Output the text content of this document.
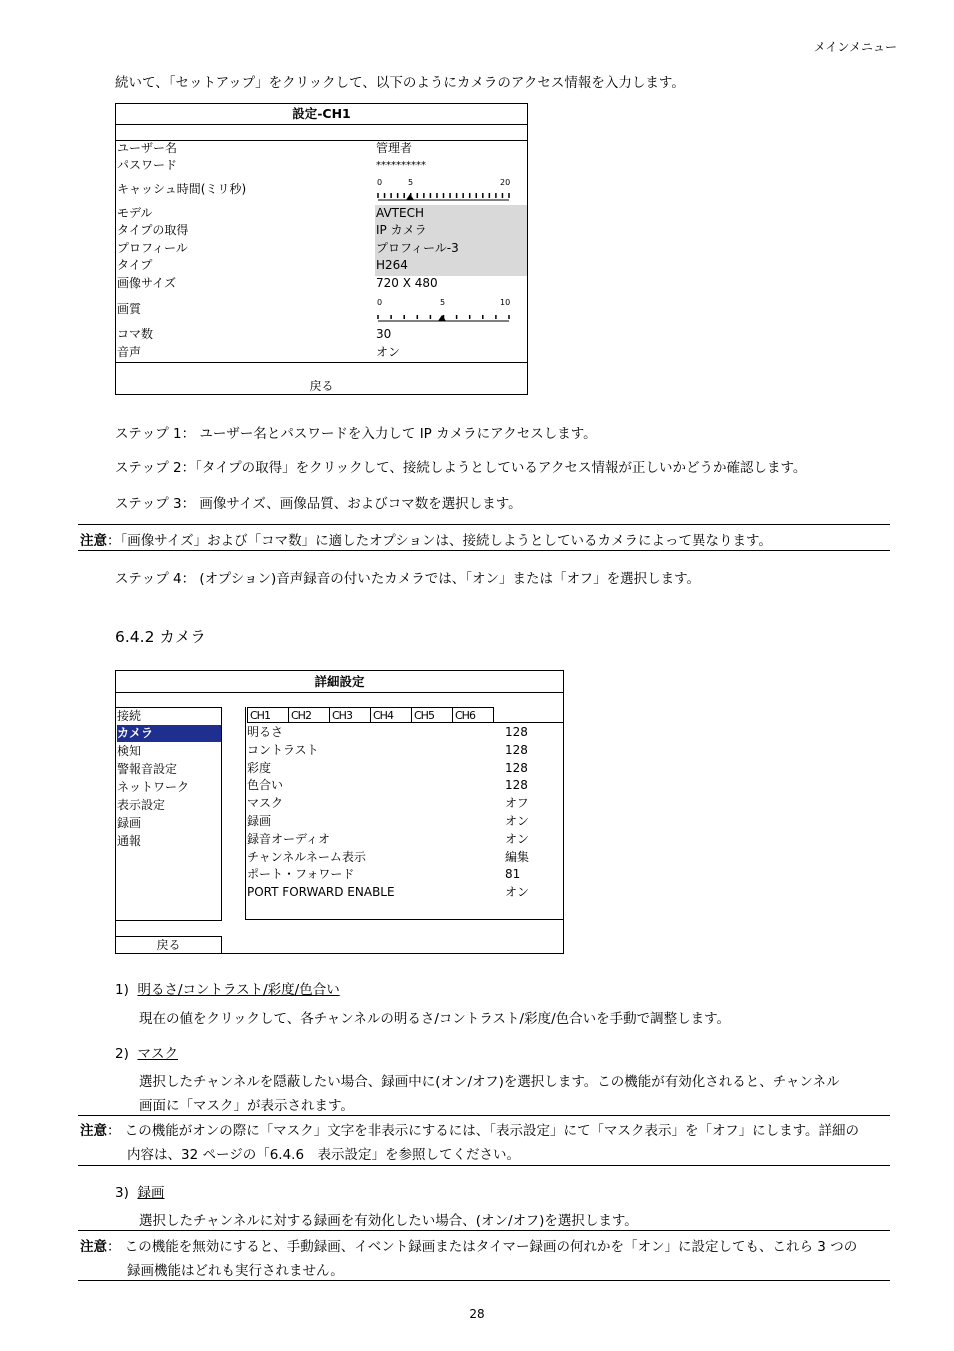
メインメニュー
続いて、「セットアップ」をクリックして、以下のようにカメラのアクセス情報を入力します。
設定-CH1
ユーザー名	管理者
パスワード	**********
キャッシュ時間(ミリ秒)	0	5	20
モデル	AVTECH
タイプの取得	IP カメラ
プロフィール	プロフィール-3
タイプ	H264
画像サイズ	720 X 480
画質	0	5	10
コマ数	30
音声	オン
戻る
ステップ 1： ユーザー名とパスワードを入力して IP カメラにアクセスします。
ステップ 2：「タイプの取得」をクリックして、接続しようとしているアクセス情報が正しいかどうか確認します。
ステップ 3： 画像サイズ、画像品質、およびコマ数を選択します。
注意：「画像サイズ」および「コマ数」に適したオプションは、接続しようとしているカメラによって異なります。
ステップ 4： (オプション)音声録音の付いたカメラでは、「オン」または「オフ」を選択します。
6.4.2 カメラ
詳細設定
接続
カメラ
検知
警報音設定
ネットワーク
表示設定
録画
通報
CH1	CH2	CH3	CH4	CH5	CH6
明るさ	128
コントラスト	128
彩度	128
色合い	128
マスク	オフ
録画	オン
録音オーディオ	オン
チャンネルネーム表示	編集
ポート・フォワード	81
PORT FORWARD ENABLE	オン
戻る
1) 明るさ/コントラスト/彩度/色合い
現在の値をクリックして、各チャンネルの明るさ/コントラスト/彩度/色合いを手動で調整します。
2) マスク
選択したチャンネルを隠蔽したい場合、録画中に(オン/オフ)を選択します。この機能が有効化されると、チャンネル
画面に「マスク」が表示されます。
注意： この機能がオンの際に「マスク」文字を非表示にするには、「表示設定」にて「マスク表示」を「オフ」にします。詳細の
内容は、32 ページの「6.4.6　表示設定」を参照してください。
3) 録画
選択したチャンネルに対する録画を有効化したい場合、(オン/オフ)を選択します。
注意： この機能を無効にすると、手動録画、イベント録画またはタイマー録画の何れかを「オン」に設定しても、これら 3 つの
録画機能はどれも実行されません。
28
